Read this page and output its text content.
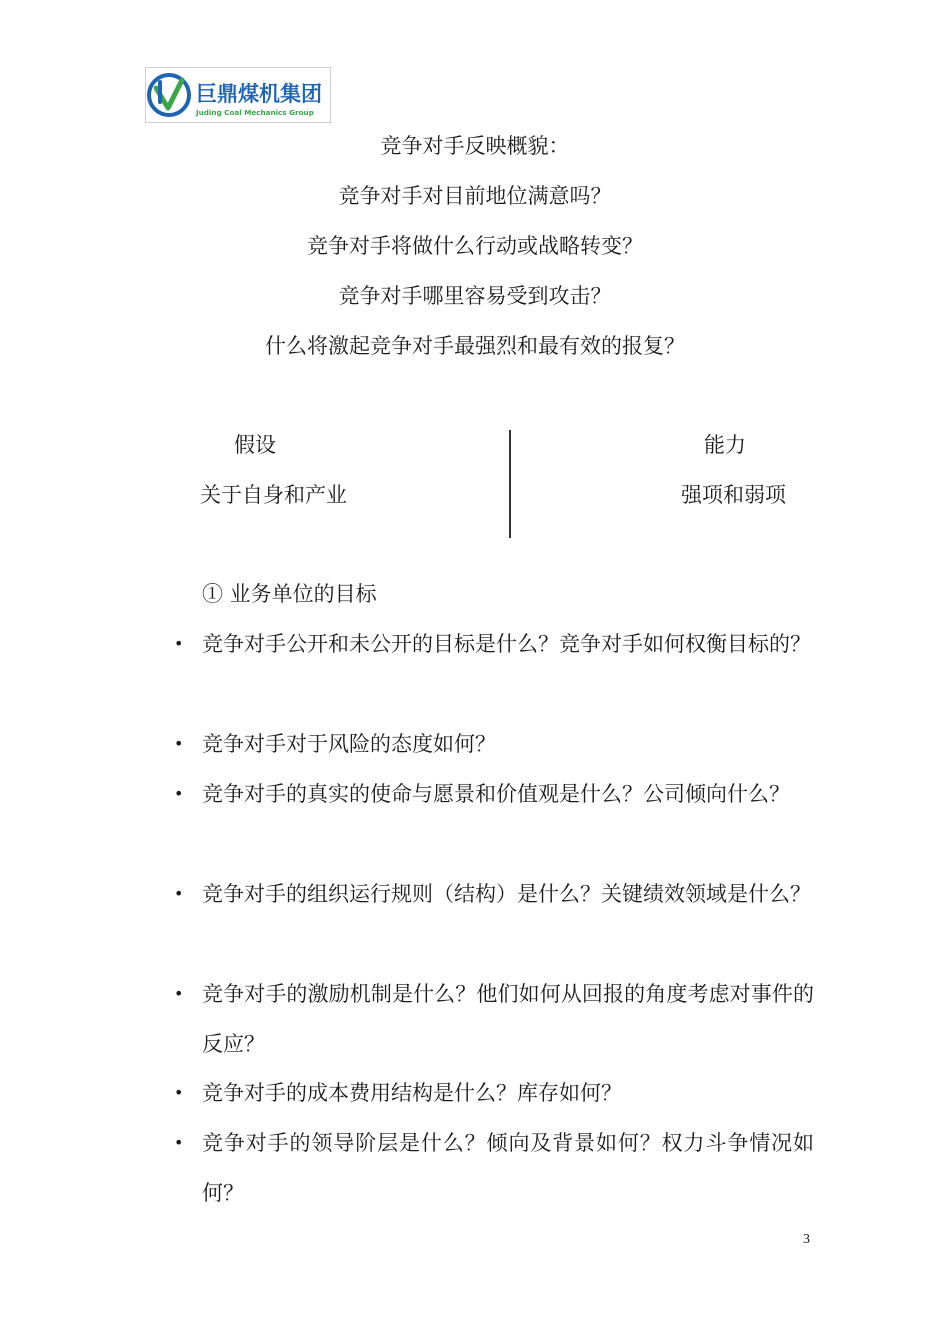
巨鼎煤机集团
Juding Coal Mechanics Group
竞争对手反映概貌：
竞争对手对目前地位满意吗？
竞争对手将做什么行动或战略转变？
竞争对手哪里容易受到攻击？
什么将激起竞争对手最强烈和最有效的报复？
假设
关于自身和产业
能力
强项和弱项
① 业务单位的目标
• 竞争对手公开和未公开的目标是什么？竞争对手如何权衡目标的？
• 竞争对手对于风险的态度如何？
• 竞争对手的真实的使命与愿景和价值观是什么？公司倾向什么？
• 竞争对手的组织运行规则（结构）是什么？关键绩效领域是什么？
• 竞争对手的激励机制是什么？他们如何从回报的角度考虑对事件的反应？
• 竞争对手的成本费用结构是什么？库存如何？
• 竞争对手的领导阶层是什么？倾向及背景如何？权力斗争情况如何？
3
